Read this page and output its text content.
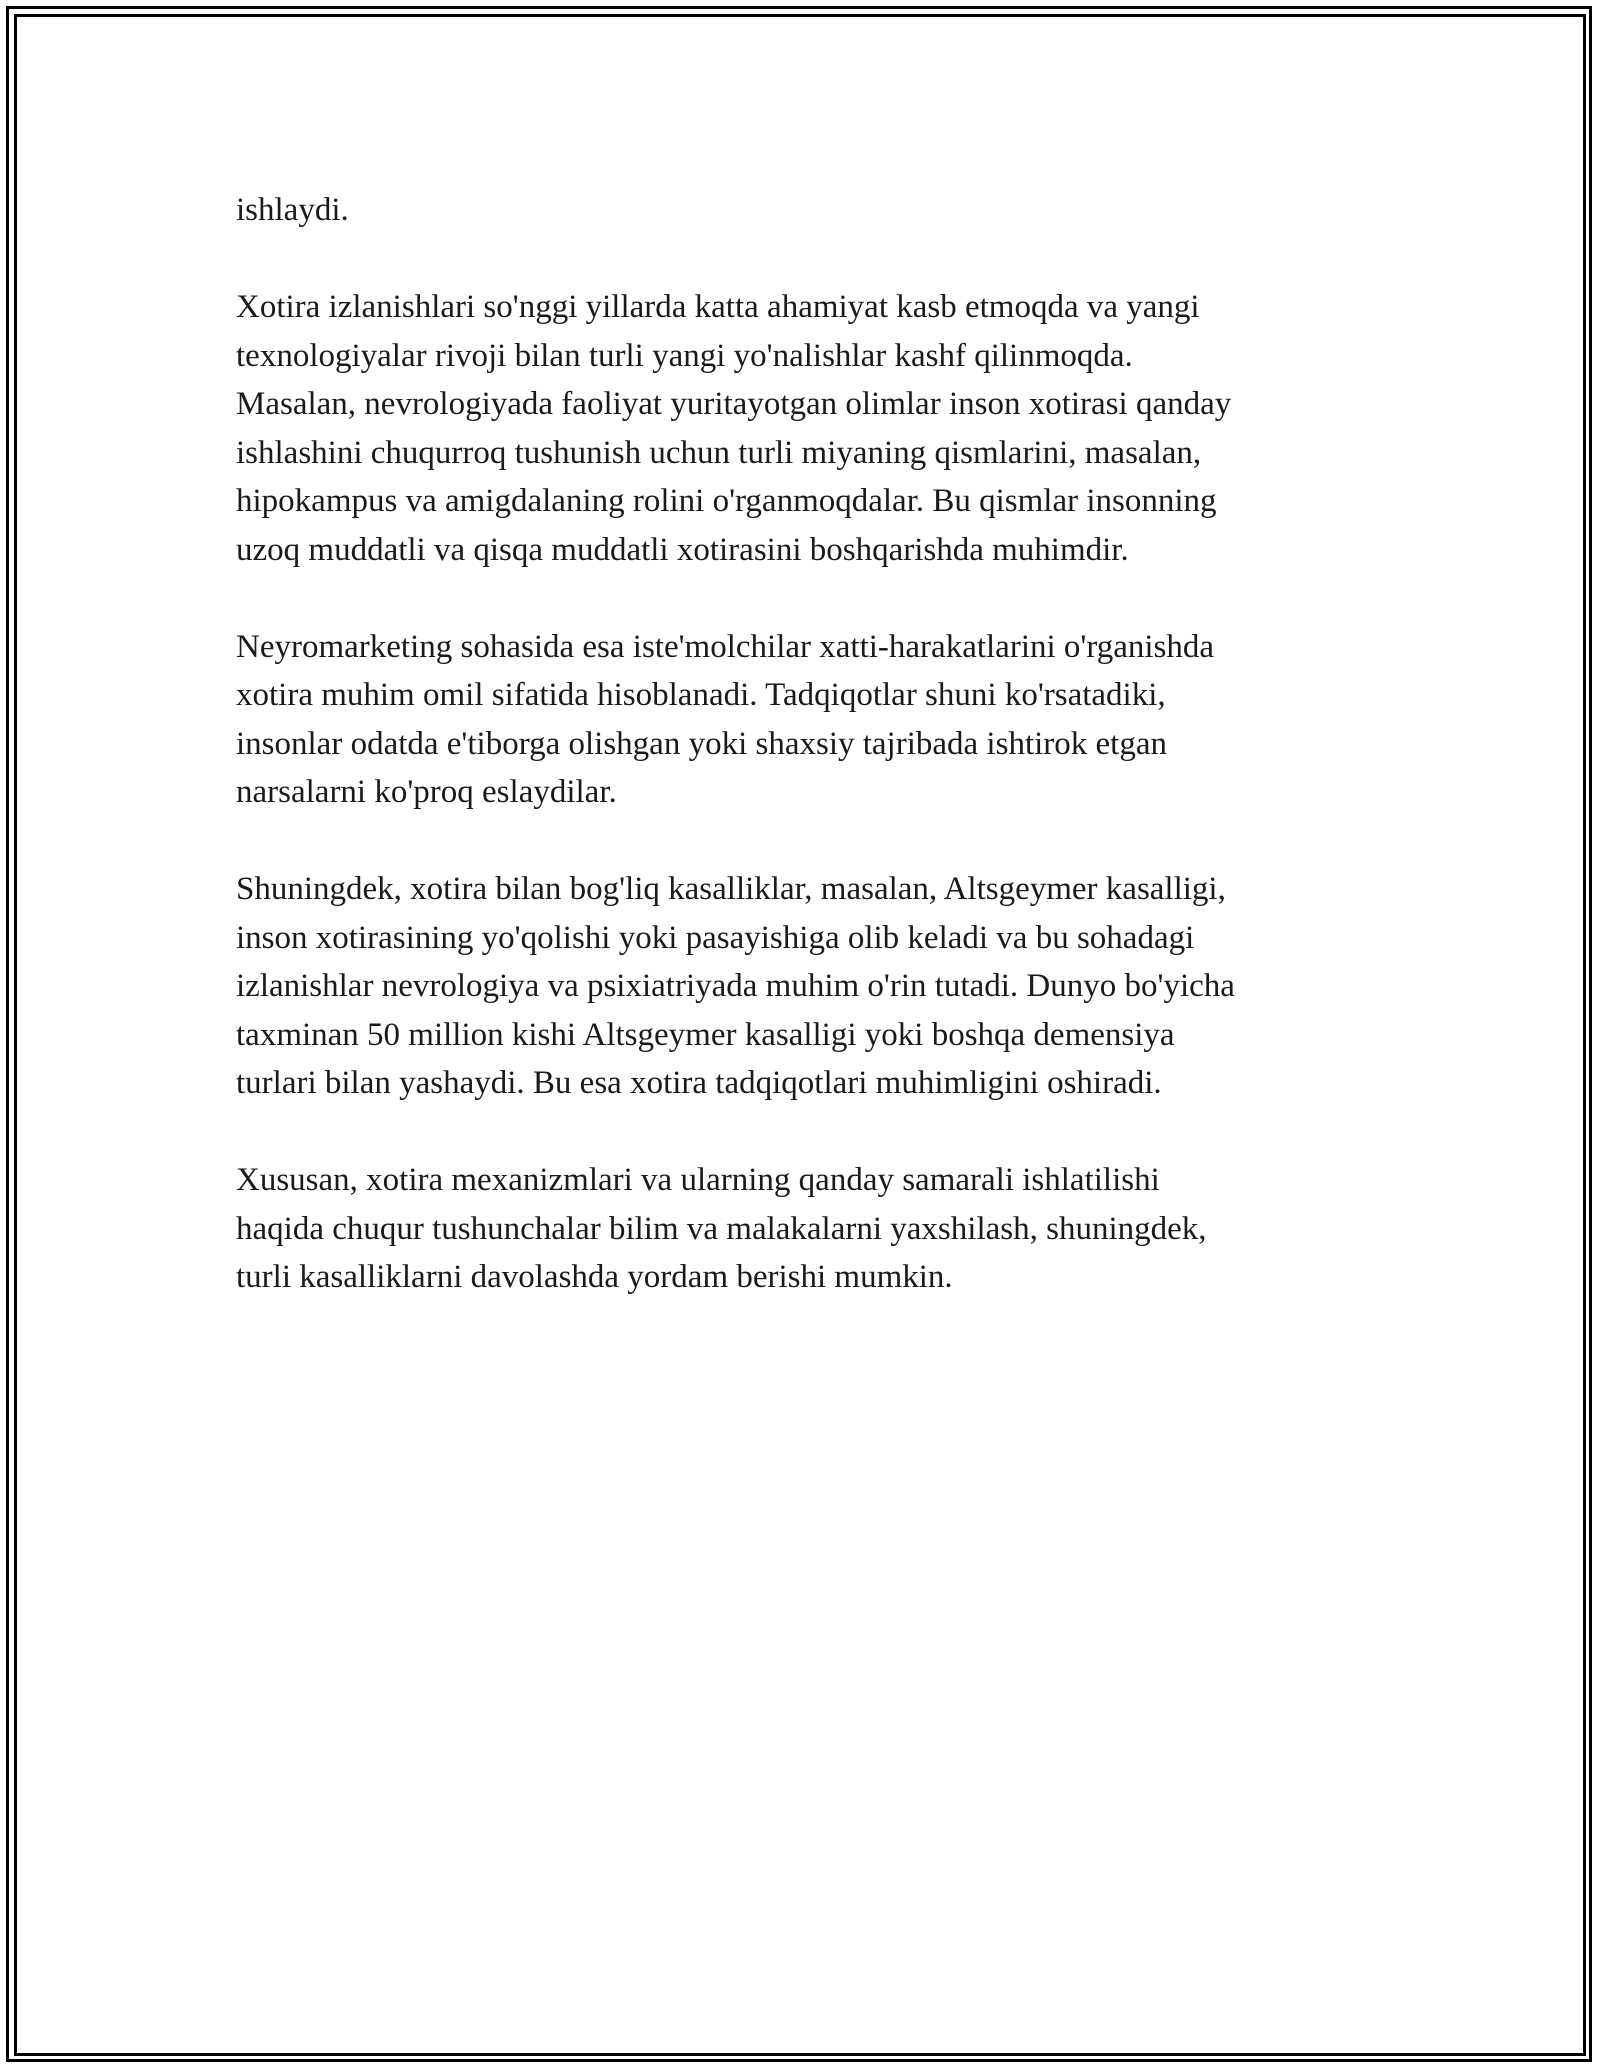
ishlaydi.

Xotira izlanishlari so'nggi yillarda katta ahamiyat kasb etmoqda va yangi
texnologiyalar rivoji bilan turli yangi yo'nalishlar kashf qilinmoqda.
Masalan, nevrologiyada faoliyat yuritayotgan olimlar inson xotirasi qanday
ishlashini chuqurroq tushunish uchun turli miyaning qismlarini, masalan,
hipokampus va amigdalaning rolini o'rganmoqdalar. Bu qismlar insonning
uzoq muddatli va qisqa muddatli xotirasini boshqarishda muhimdir.

Neyromarketing sohasida esa iste'molchilar xatti-harakatlarini o'rganishda
xotira muhim omil sifatida hisoblanadi. Tadqiqotlar shuni ko'rsatadiki,
insonlar odatda e'tiborga olishgan yoki shaxsiy tajribada ishtirok etgan
narsalarni ko'proq eslaydilar.

Shuningdek, xotira bilan bog'liq kasalliklar, masalan, Altsgeymer kasalligi,
inson xotirasining yo'qolishi yoki pasayishiga olib keladi va bu sohadagi
izlanishlar nevrologiya va psixiatriyada muhim o'rin tutadi. Dunyo bo'yicha
taxminan 50 million kishi Altsgeymer kasalligi yoki boshqa demensiya
turlari bilan yashaydi. Bu esa xotira tadqiqotlari muhimligini oshiradi.

Xususan, xotira mexanizmlari va ularning qanday samarali ishlatilishi
haqida chuqur tushunchalar bilim va malakalarni yaxshilash, shuningdek,
turli kasalliklarni davolashda yordam berishi mumkin.
